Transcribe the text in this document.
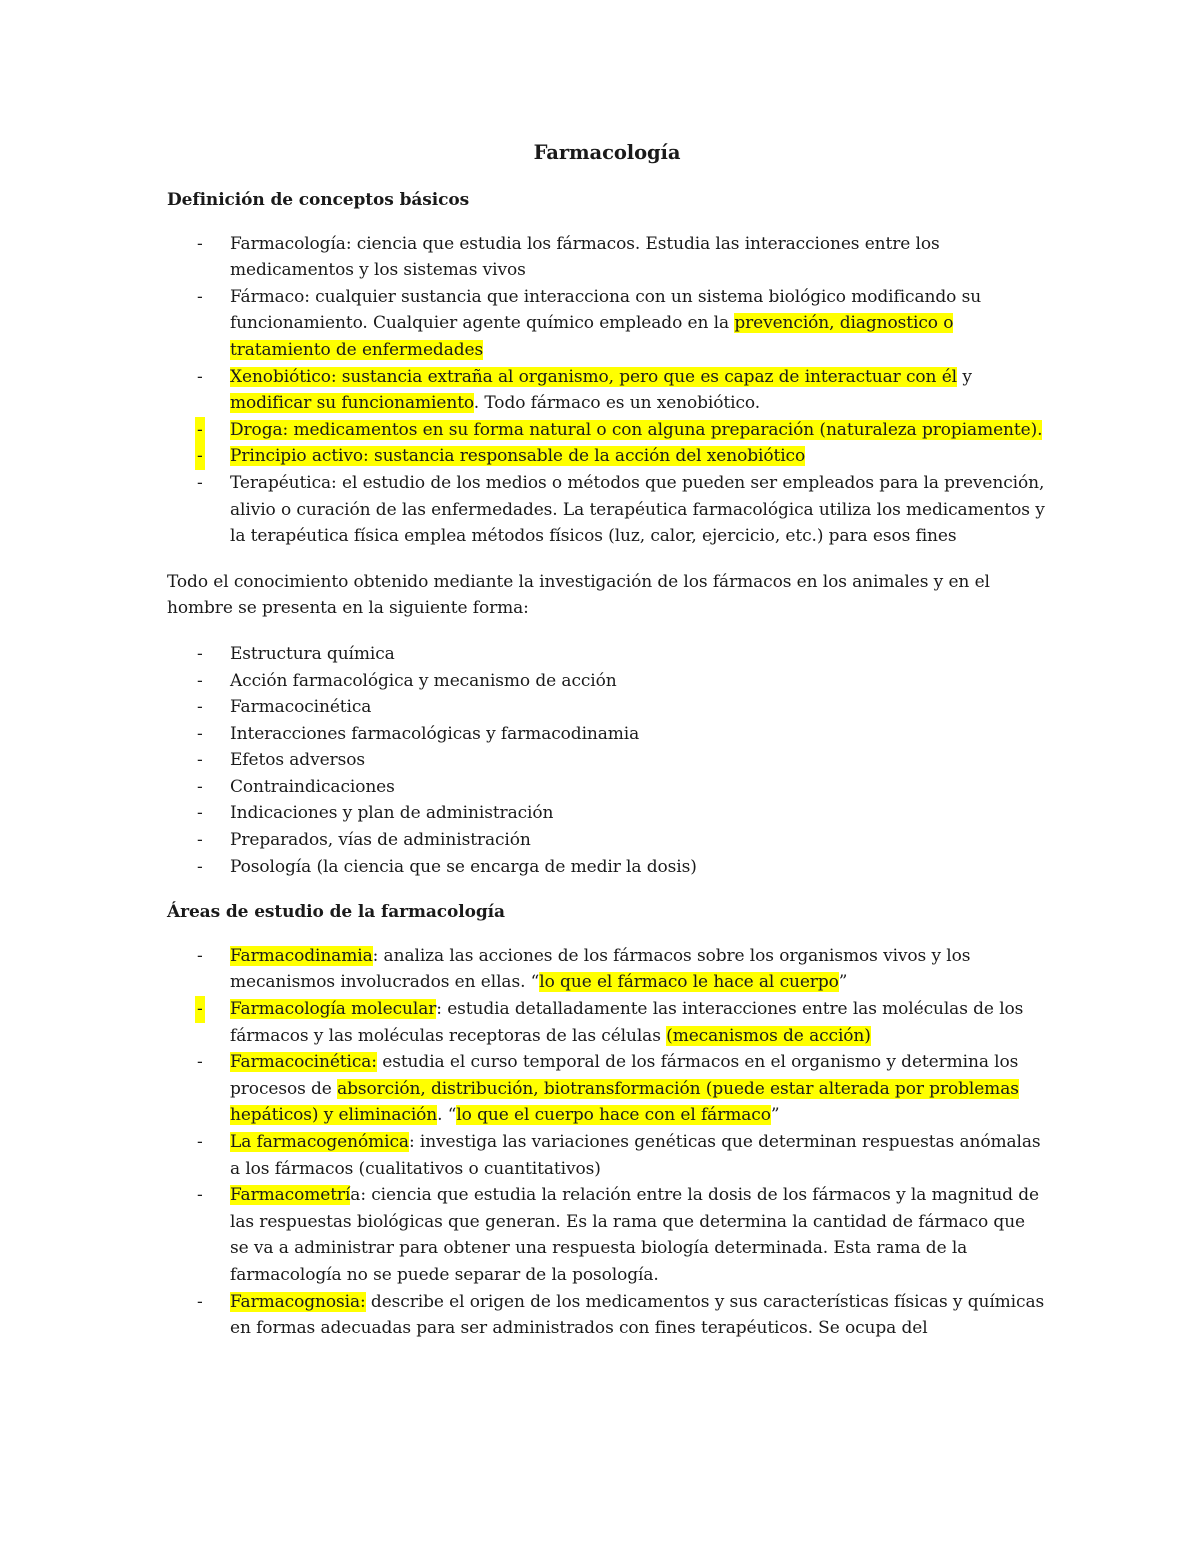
Farmacología
Definición de conceptos básicos
- Farmacología: ciencia que estudia los fármacos. Estudia las interacciones entre los medicamentos y los sistemas vivos
- Fármaco: cualquier sustancia que interacciona con un sistema biológico modificando su funcionamiento. Cualquier agente químico empleado en la prevención, diagnostico o tratamiento de enfermedades
- Xenobiótico: sustancia extraña al organismo, pero que es capaz de interactuar con él y modificar su funcionamiento. Todo fármaco es un xenobiótico.
- Droga: medicamentos en su forma natural o con alguna preparación (naturaleza propiamente).
- Principio activo: sustancia responsable de la acción del xenobiótico
- Terapéutica: el estudio de los medios o métodos que pueden ser empleados para la prevención, alivio o curación de las enfermedades. La terapéutica farmacológica utiliza los medicamentos y la terapéutica física emplea métodos físicos (luz, calor, ejercicio, etc.) para esos fines
Todo el conocimiento obtenido mediante la investigación de los fármacos en los animales y en el hombre se presenta en la siguiente forma:
- Estructura química
- Acción farmacológica y mecanismo de acción
- Farmacocinética
- Interacciones farmacológicas y farmacodinamia
- Efetos adversos
- Contraindicaciones
- Indicaciones y plan de administración
- Preparados, vías de administración
- Posología (la ciencia que se encarga de medir la dosis)
Áreas de estudio de la farmacología
- Farmacodinamia: analiza las acciones de los fármacos sobre los organismos vivos y los mecanismos involucrados en ellas. “lo que el fármaco le hace al cuerpo”
- Farmacología molecular: estudia detalladamente las interacciones entre las moléculas de los fármacos y las moléculas receptoras de las células (mecanismos de acción)
- Farmacocinética: estudia el curso temporal de los fármacos en el organismo y determina los procesos de absorción, distribución, biotransformación (puede estar alterada por problemas hepáticos) y eliminación. “lo que el cuerpo hace con el fármaco”
- La farmacogenómica: investiga las variaciones genéticas que determinan respuestas anómalas a los fármacos (cualitativos o cuantitativos)
- Farmacometría: ciencia que estudia la relación entre la dosis de los fármacos y la magnitud de las respuestas biológicas que generan. Es la rama que determina la cantidad de fármaco que se va a administrar para obtener una respuesta biología determinada. Esta rama de la farmacología no se puede separar de la posología.
- Farmacognosia: describe el origen de los medicamentos y sus características físicas y químicas en formas adecuadas para ser administrados con fines terapéuticos. Se ocupa del
